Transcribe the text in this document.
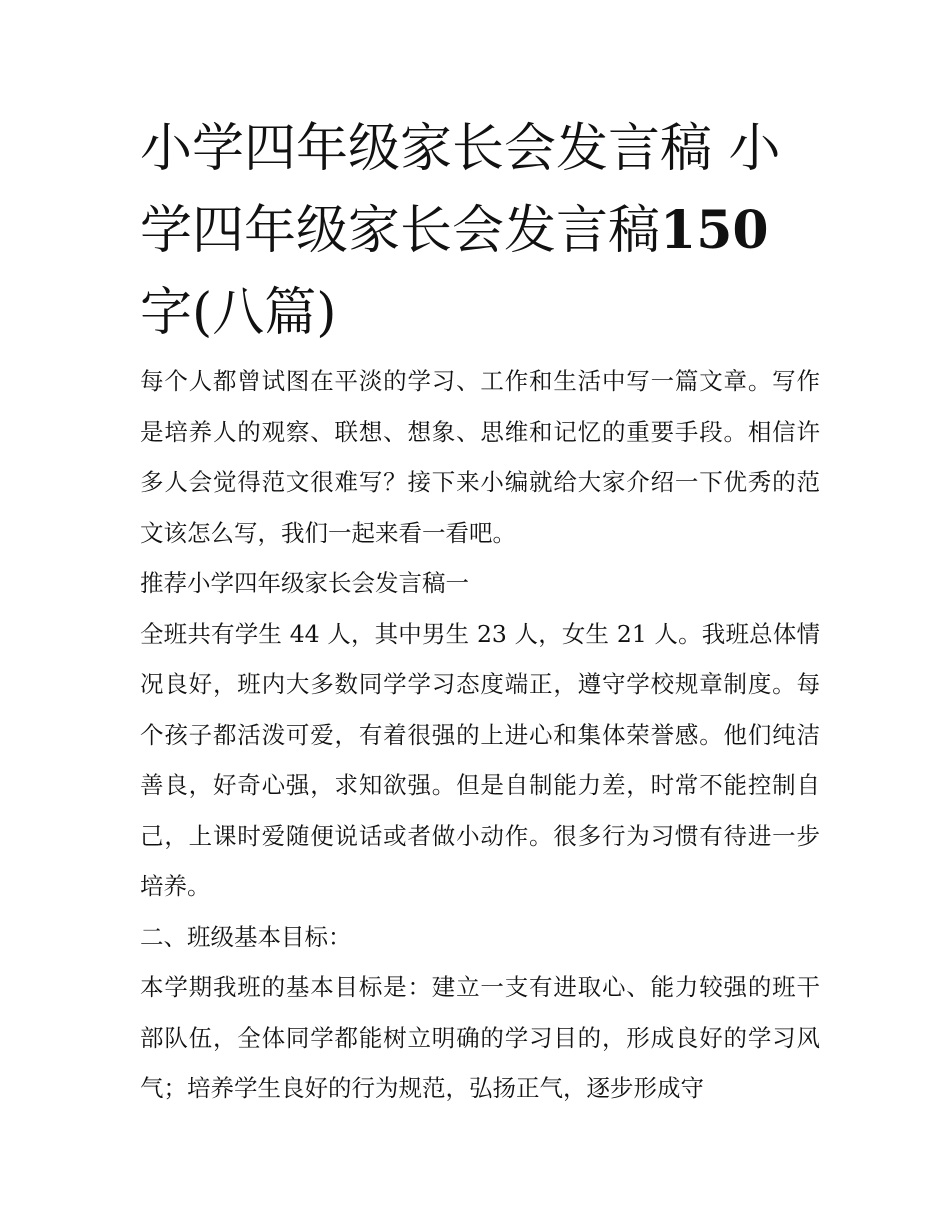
小学四年级家长会发言稿 小学四年级家长会发言稿150 字(八篇)

每个人都曾试图在平淡的学习、工作和生活中写一篇文章。写作是培养人的观察、联想、想象、思维和记忆的重要手段。相信许多人会觉得范文很难写？接下来小编就给大家介绍一下优秀的范文该怎么写，我们一起来看一看吧。

推荐小学四年级家长会发言稿一

全班共有学生 44 人，其中男生 23 人，女生 21 人。我班总体情况良好，班内大多数同学学习态度端正，遵守学校规章制度。每个孩子都活泼可爱，有着很强的上进心和集体荣誉感。他们纯洁善良，好奇心强，求知欲强。但是自制能力差，时常不能控制自己，上课时爱随便说话或者做小动作。很多行为习惯有待进一步培养。

二、班级基本目标：

本学期我班的基本目标是：建立一支有进取心、能力较强的班干部队伍，全体同学都能树立明确的学习目的，形成良好的学习风气；培养学生良好的行为规范，弘扬正气，逐步形成守
